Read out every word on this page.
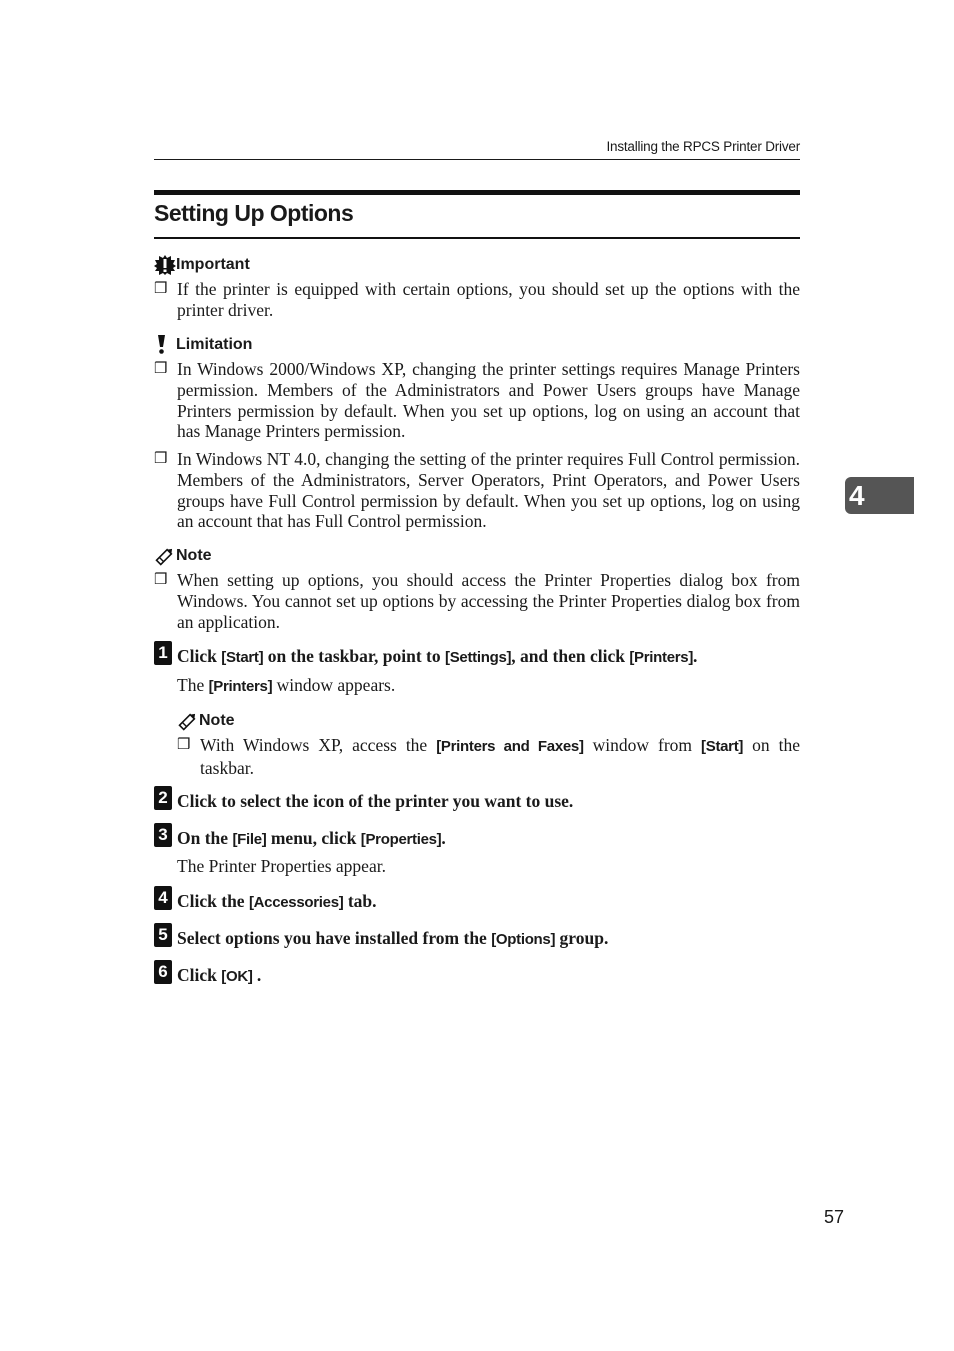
Installing the RPCS Printer Driver
Setting Up Options
Important
❒ If the printer is equipped with certain options, you should set up the options with the printer driver.
Limitation
❒ In Windows 2000/Windows XP, changing the printer settings requires Manage Printers permission. Members of the Administrators and Power Users groups have Manage Printers permission by default. When you set up options, log on using an account that has Manage Printers permission.
❒ In Windows NT 4.0, changing the setting of the printer requires Full Control permission. Members of the Administrators, Server Operators, Print Operators, and Power Users groups have Full Control permission by default. When you set up options, log on using an account that has Full Control permission.
Note
❒ When setting up options, you should access the Printer Properties dialog box from Windows. You cannot set up options by accessing the Printer Properties dialog box from an application.
1 Click [Start] on the taskbar, point to [Settings], and then click [Printers].
The [Printers] window appears.
Note
❒ With Windows XP, access the [Printers and Faxes] window from [Start] on the taskbar.
2 Click to select the icon of the printer you want to use.
3 On the [File] menu, click [Properties].
The Printer Properties appear.
4 Click the [Accessories] tab.
5 Select options you have installed from the [Options] group.
6 Click [OK] .
4
57
